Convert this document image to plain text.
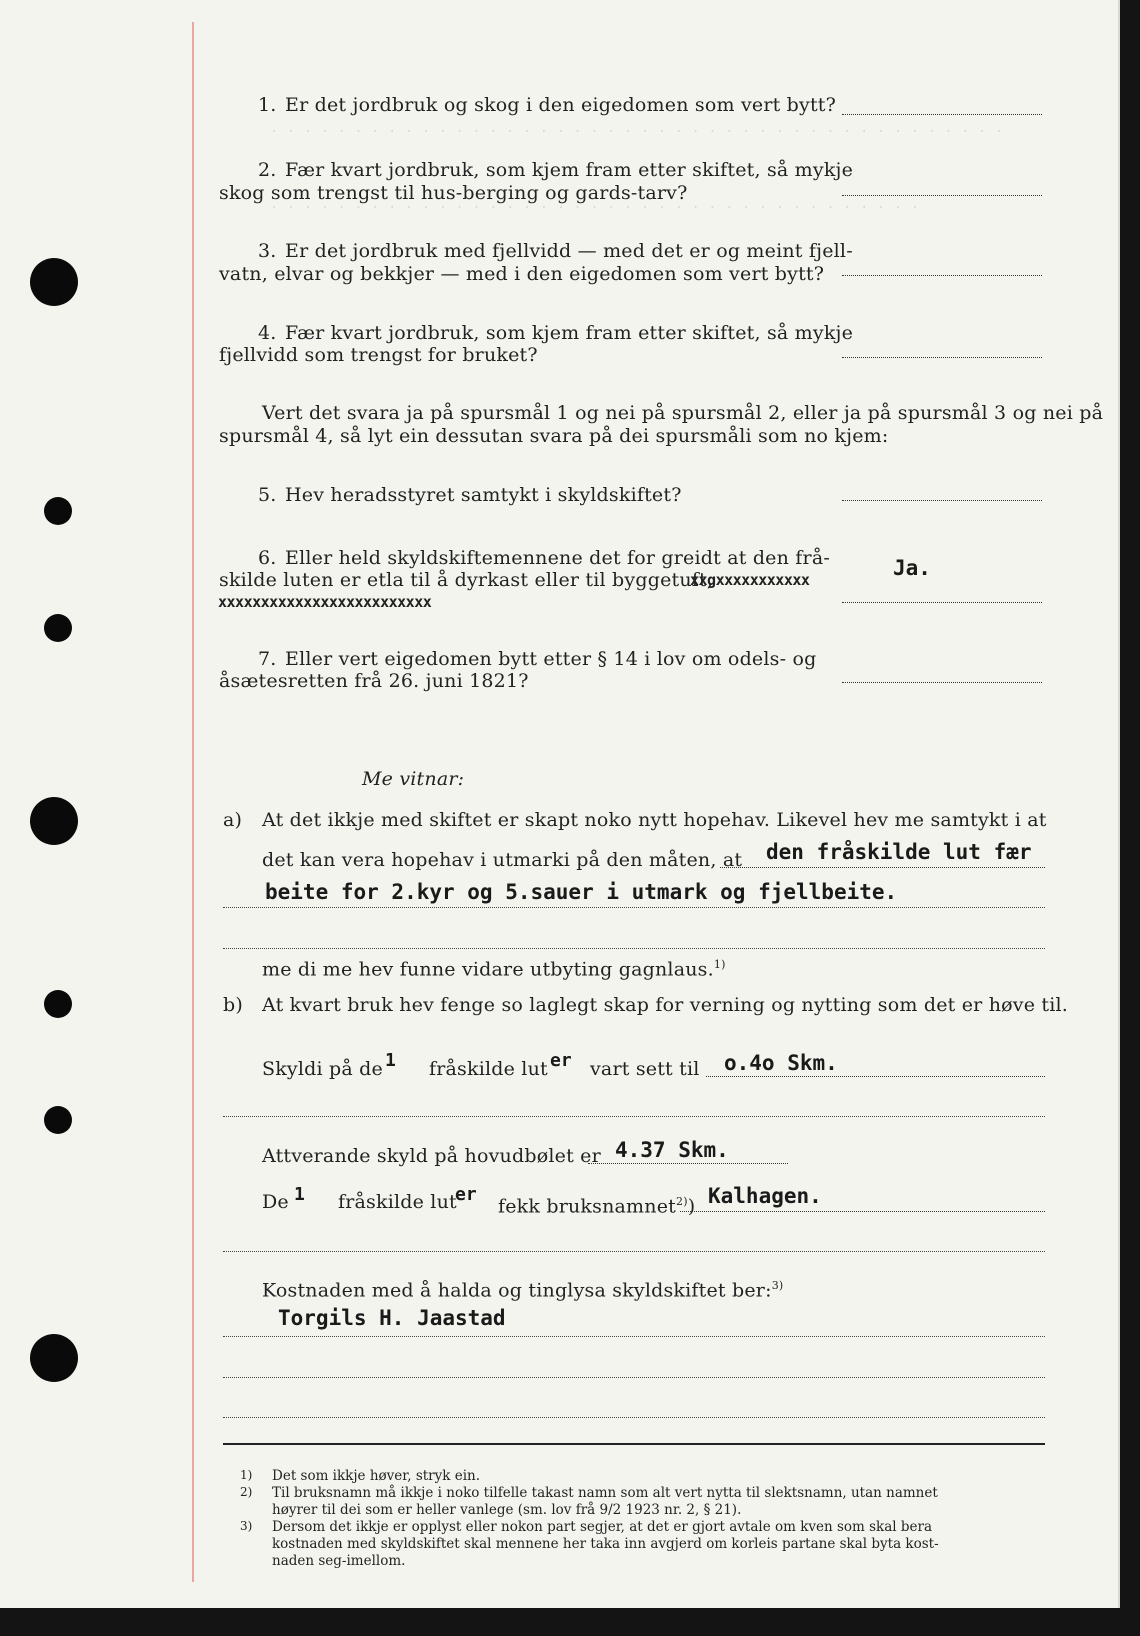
· · · · · · · · · · · · · · · · · · · · · · · · · · · · · · · · · · · · · · · · · · · ·
· · · · · · · · · · · · · · · · · · · · · · · · · · · · · · · · · · · · · · ·
1. Er det jordbruk og skog i den eigedomen som vert bytt?
2. Fær kvart jordbruk, som kjem fram etter skiftet, så mykje
skog som trengst til hus-berging og gards-tarv?
3. Er det jordbruk med fjellvidd — med det er og meint fjell-
vatn, elvar og bekkjer — med i den eigedomen som vert bytt?
4. Fær kvart jordbruk, som kjem fram etter skiftet, så mykje
fjellvidd som trengst for bruket?
Vert det svara ja på spursmål 1 og nei på spursmål 2, eller ja på spursmål 3 og nei på
spursmål 4, så lyt ein dessutan svara på dei spursmåli som no kjem:
5. Hev heradsstyret samtykt i skyldskiftet?
6. Eller held skyldskiftemennene det for greidt at den frå-
skilde luten er etla til å dyrkast eller til byggetuft,
xxgxxxxxxxxxxx
xxxxxxxxxxxxxxxxxxxxxxxxx
Ja.
7. Eller vert eigedomen bytt etter § 14 i lov om odels- og
åsætesretten frå 26. juni 1821?
Me vitnar:
a) At det ikkje med skiftet er skapt noko nytt hopehav. Likevel hev me samtykt i at
det kan vera hopehav i utmarki på den måten, at den fråskilde lut fær
beite for 2.kyr og 5.sauer i utmark og fjellbeite.
me di me hev funne vidare utbyting gagnlaus.$^{1)}$
b) At kvart bruk hev fenge so laglegt skap for verning og nytting som det er høve til.
Skyldi på de 1 fråskilde lut er vart sett til o.4o Skm.
Attverande skyld på hovudbølet er 4.37 Skm.
De 1 fråskilde lut
er
fekk bruksnamnet$^{2)}$) Kalhagen.
Kostnaden med å halda og tinglysa skyldskiftet ber:$^{3)}$
Torgils H. Jaastad
1) Det som ikkje høver, stryk ein.
2) Til bruksnamn må ikkje i noko tilfelle takast namn som alt vert nytta til slektsnamn, utan namnet
høyrer til dei som er heller vanlege (sm. lov frå 9/2 1923 nr. 2, § 21).
3) Dersom det ikkje er opplyst eller nokon part segjer, at det er gjort avtale om kven som skal bera
kostnaden med skyldskiftet skal mennene her taka inn avgjerd om korleis partane skal byta kost-
naden seg-imellom.
